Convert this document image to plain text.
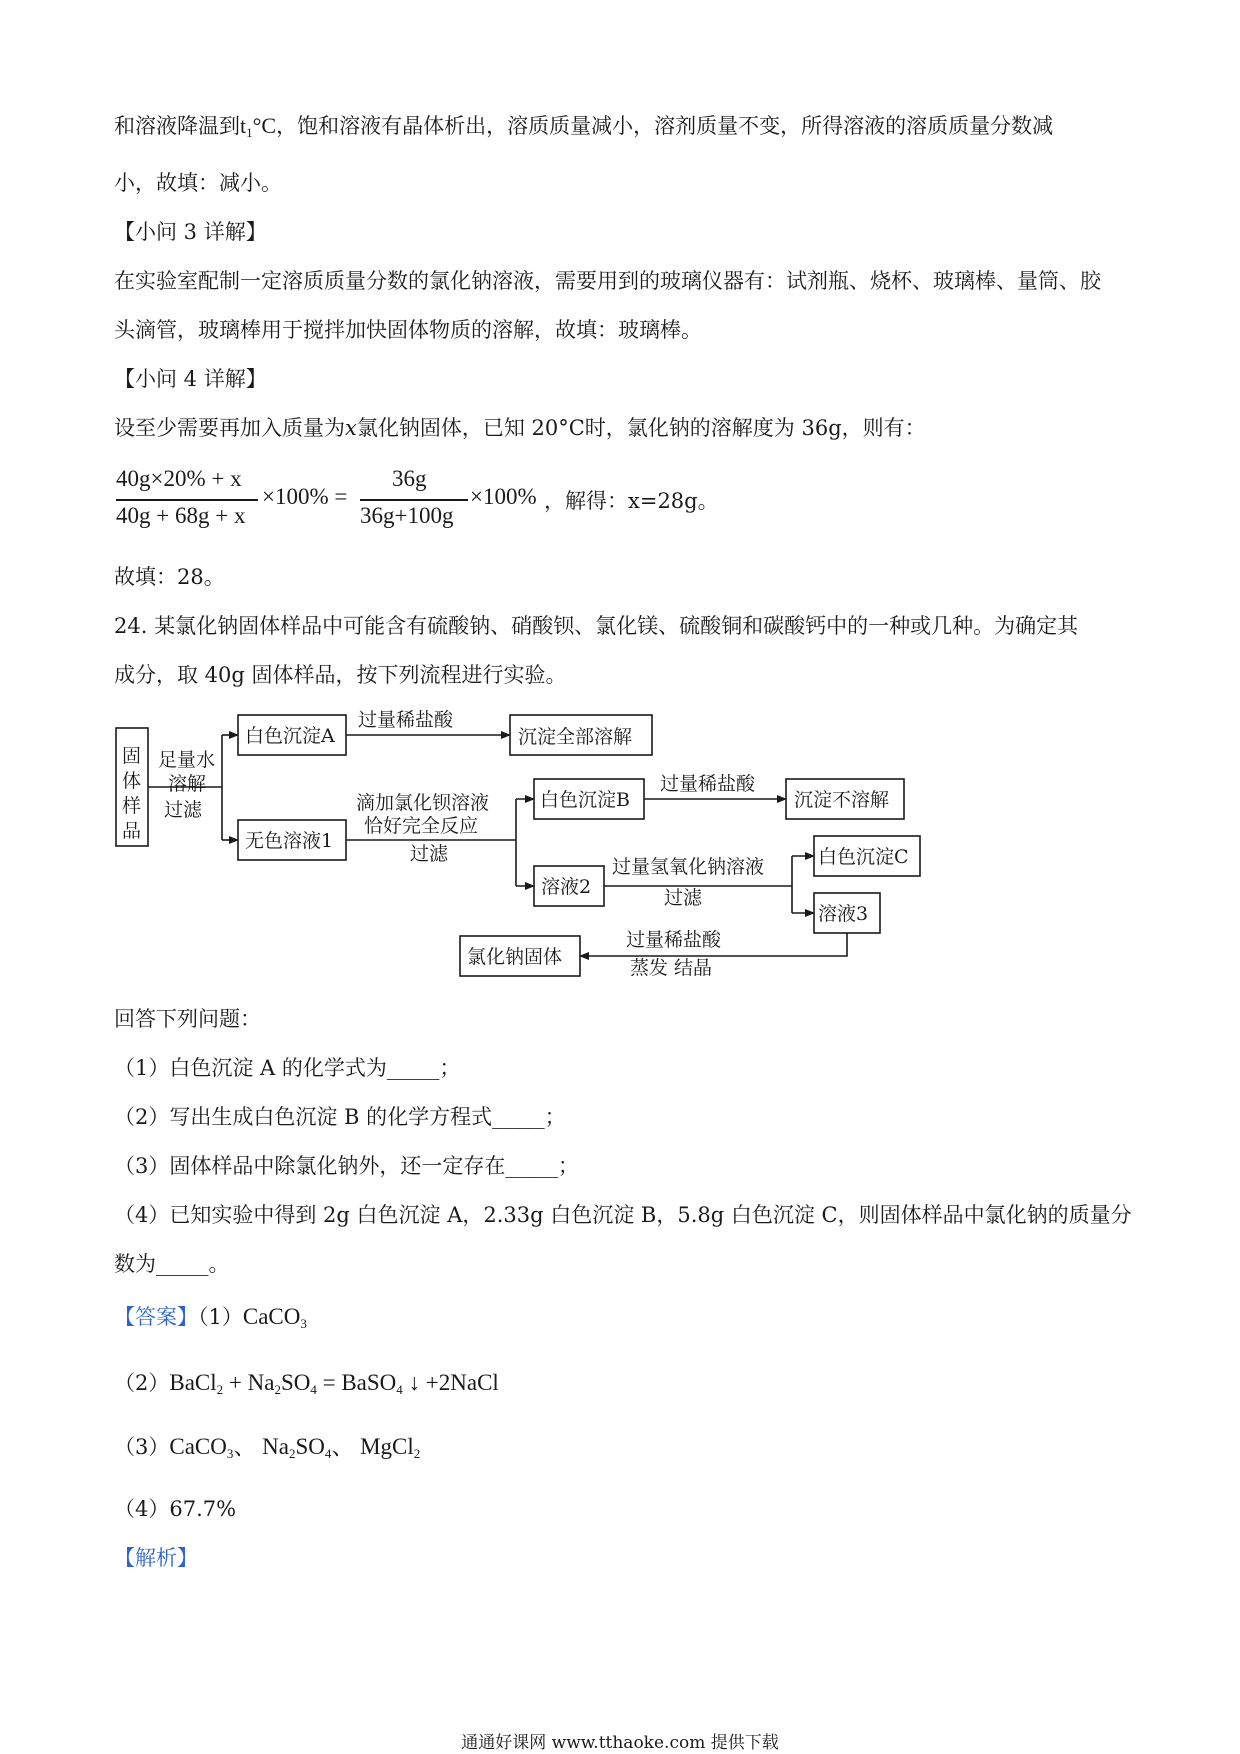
和溶液降温到$t_1^\circ C$，饱和溶液有晶体析出，溶质质量减小，溶剂质量不变，所得溶液的溶质质量分数减
小，故填：减小。
【小问 3 详解】
在实验室配制一定溶质质量分数的氯化钠溶液，需要用到的玻璃仪器有：试剂瓶、烧杯、玻璃棒、量筒、胶
头滴管，玻璃棒用于搅拌加快固体物质的溶解，故填：玻璃棒。
【小问 4 详解】
设至少需要再加入质量为x氯化钠固体，已知 20°C时，氯化钠的溶解度为 36g，则有：
40g×20% + x
40g + 68g + x
×100% =
36g
36g+100g
×100% ，解得：x=28g。
故填：28。
24. 某氯化钠固体样品中可能含有硫酸钠、硝酸钡、氯化镁、硫酸铜和碳酸钙中的一种或几种。为确定其
成分，取 40g 固体样品，按下列流程进行实验。
固
体
样
品
足量水
溶解
过滤
白色沉淀A
过量稀盐酸
沉淀全部溶解
无色溶液1
滴加氯化钡溶液
恰好完全反应
过滤
白色沉淀B
过量稀盐酸
沉淀不溶解
溶液2
过量氢氧化钠溶液
过滤
白色沉淀C
溶液3
过量稀盐酸
蒸发 结晶
氯化钠固体
回答下列问题：
（1）白色沉淀 A 的化学式为_____；
（2）写出生成白色沉淀 B 的化学方程式_____；
（3）固体样品中除氯化钠外，还一定存在_____；
（4）已知实验中得到 2g 白色沉淀 A，2.33g 白色沉淀 B，5.8g 白色沉淀 C，则固体样品中氯化钠的质量分
数为_____。
【答案】（1）CaCO$_3$
（2）BaCl$_2$ + $Na_2SO_4$ = BaSO$_4$ ↓ +2NaCl
（3）CaCO$_3$、 $Na_2SO_4$、 MgCl$_2$
（4）67.7%
【解析】
通通好课网 www.tthaoke.com 提供下载
